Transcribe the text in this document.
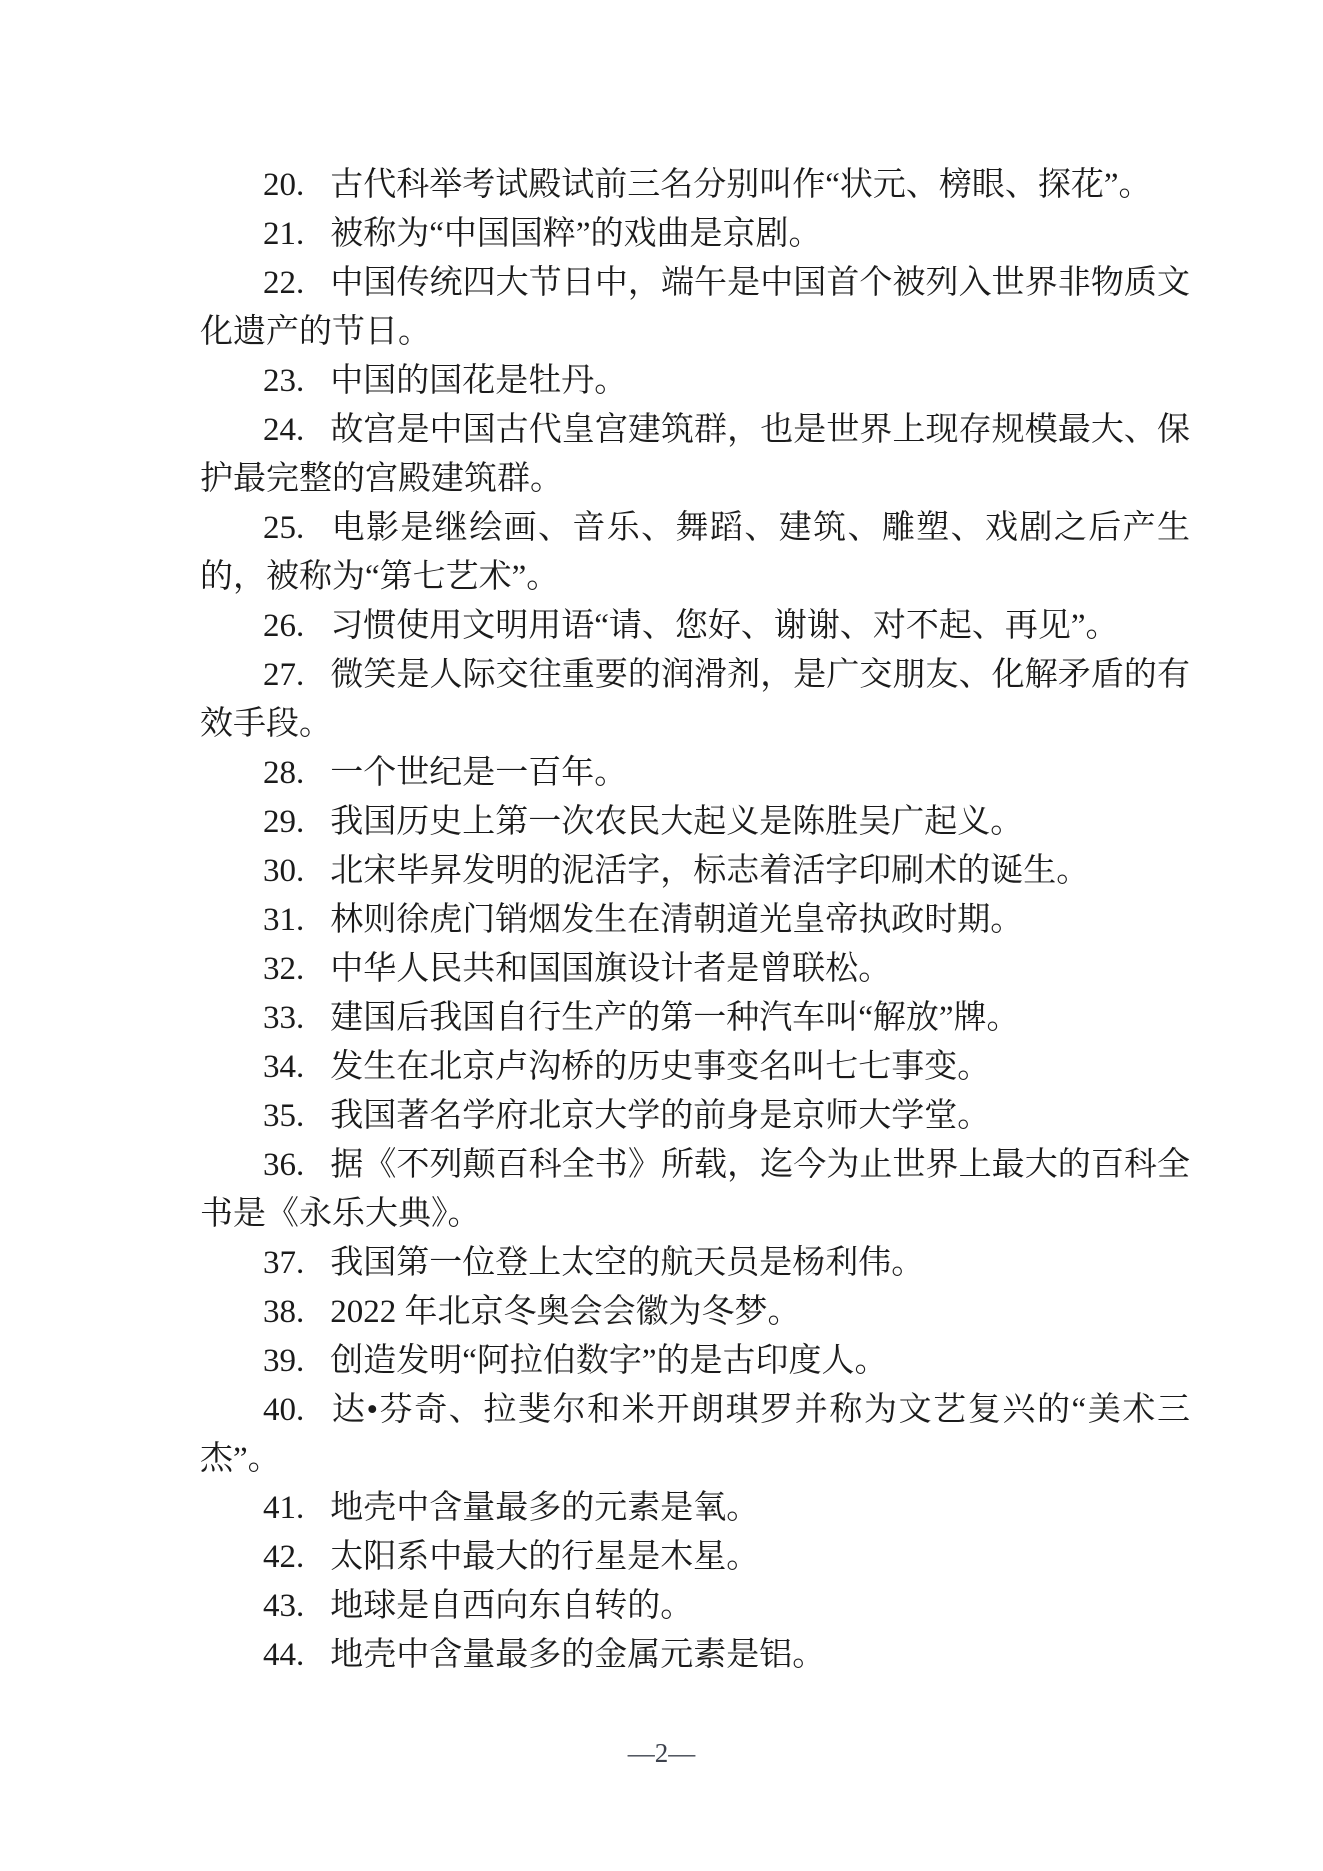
20. 古代科举考试殿试前三名分别叫作“状元、榜眼、探花”。

21. 被称为“中国国粹”的戏曲是京剧。

22. 中国传统四大节日中，端午是中国首个被列入世界非物质文化遗产的节日。

23. 中国的国花是牡丹。

24. 故宫是中国古代皇宫建筑群，也是世界上现存规模最大、保护最完整的宫殿建筑群。

25. 电影是继绘画、音乐、舞蹈、建筑、雕塑、戏剧之后产生的，被称为“第七艺术”。

26. 习惯使用文明用语“请、您好、谢谢、对不起、再见”。

27. 微笑是人际交往重要的润滑剂，是广交朋友、化解矛盾的有效手段。

28. 一个世纪是一百年。

29. 我国历史上第一次农民大起义是陈胜吴广起义。

30. 北宋毕昇发明的泥活字，标志着活字印刷术的诞生。

31. 林则徐虎门销烟发生在清朝道光皇帝执政时期。

32. 中华人民共和国国旗设计者是曾联松。

33. 建国后我国自行生产的第一种汽车叫“解放”牌。

34. 发生在北京卢沟桥的历史事变名叫七七事变。

35. 我国著名学府北京大学的前身是京师大学堂。

36. 据《不列颠百科全书》所载，迄今为止世界上最大的百科全书是《永乐大典》。

37. 我国第一位登上太空的航天员是杨利伟。

38. 2022 年北京冬奥会会徽为冬梦。

39. 创造发明“阿拉伯数字”的是古印度人。

40. 达•芬奇、拉斐尔和米开朗琪罗并称为文艺复兴的“美术三杰”。

41. 地壳中含量最多的元素是氧。

42. 太阳系中最大的行星是木星。

43. 地球是自西向东自转的。

44. 地壳中含量最多的金属元素是铝。

—2—
